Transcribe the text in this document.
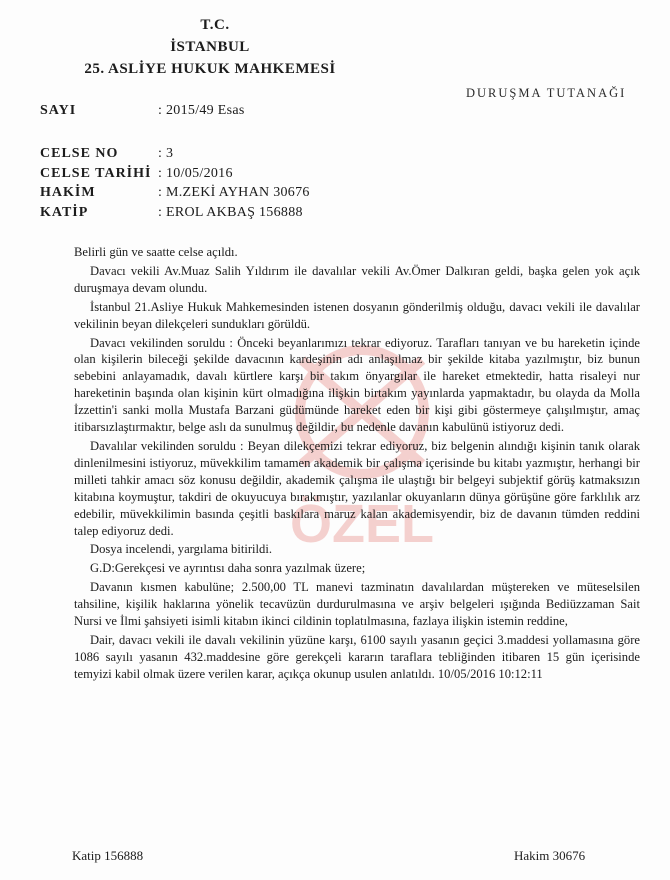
T.C.
İSTANBUL
25. ASLİYE HUKUK MAHKEMESİ
DURUŞMA TUTANAĞI
SAYI	: 2015/49 Esas
CELSE NO	: 3
CELSE TARİHİ : 10/05/2016
HAKİM	: M.ZEKİ AYHAN 30676
KATİP	: EROL AKBAŞ 156888
ÖZEL

Belirli gün ve saatte celse açıldı.

Davacı vekili Av.Muaz Salih Yıldırım ile davalılar vekili Av.Ömer Dalkıran geldi, başka gelen yok açık duruşmaya devam olundu.

İstanbul 21.Asliye Hukuk Mahkemesinden istenen dosyanın gönderilmiş olduğu, davacı vekili ile davalılar vekilinin beyan dilekçeleri sundukları görüldü.

Davacı vekilinden soruldu : Önceki beyanlarımızı tekrar ediyoruz. Tarafları tanıyan ve bu hareketin içinde olan kişilerin bileceği şekilde davacının kardeşinin adı anlaşılmaz bir şekilde kitaba yazılmıştır, biz bunun sebebini anlayamadık, davalı kürtlere karşı bir takım önyargılar ile hareket etmektedir, hatta risaleyi nur hareketinin başında olan kişinin kürt olmadığına ilişkin birtakım yayınlarda yapmaktadır, bu olayda da Molla İzzettin'i sanki molla Mustafa Barzani güdümünde hareket eden bir kişi gibi göstermeye çalışılmıştır, amaç itibarsızlaştırmaktır, belge aslı da sunulmuş değildir, bu nedenle davanın kabulünü istiyoruz dedi.

Davalılar vekilinden soruldu : Beyan dilekçemizi tekrar ediyoruz, biz belgenin alındığı kişinin tanık olarak dinlenilmesini istiyoruz, müvekkilim tamamen akademik bir çalışma içerisinde bu kitabı yazmıştır, herhangi bir milleti tahkir amacı söz konusu değildir, akademik çalışma ile ulaştığı bir belgeyi subjektif görüş katmaksızın kitabına koymuştur, takdiri de okuyucuya bırakmıştır, yazılanlar okuyanların dünya görüşüne göre farklılık arz edebilir, müvekkilimin basında çeşitli baskılara maruz kalan akademisyendir, biz de davanın tümden reddini talep ediyoruz dedi.

Dosya incelendi, yargılama bitirildi.

G.D:Gerekçesi ve ayrıntısı daha sonra yazılmak üzere;

Davanın kısmen kabulüne; 2.500,00 TL manevi tazminatın davalılardan müştereken ve müteselsilen tahsiline, kişilik haklarına yönelik tecavüzün durdurulmasına ve arşiv belgeleri ışığında Bediüzzaman Sait Nursi ve İlmi şahsiyeti isimli kitabın ikinci cildinin toplatılmasına, fazlaya ilişkin istemin reddine,

Dair, davacı vekili ile davalı vekilinin yüzüne karşı, 6100 sayılı yasanın geçici 3.maddesi yollamasına göre 1086 sayılı yasanın 432.maddesine göre gerekçeli kararın taraflara tebliğinden itibaren 15 gün içerisinde temyizi kabil olmak üzere verilen karar, açıkça okunup usulen anlatıldı. 10/05/2016 10:12:11

Katip 156888	Hakim 30676
